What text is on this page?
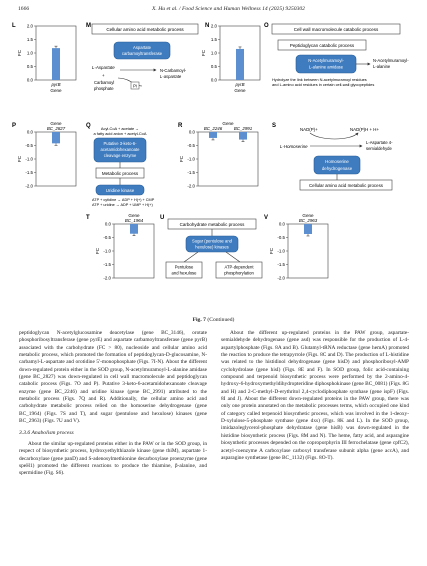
1666	X. Hu et al. / Food Science and Human Wellness 14 (2025) 9250302
L	2.0
1.5
1.0
0.5
0.0
FC
pyrB
Gene
M
Cellular amino acid metabolic process
Aspartate
carbamoyltransferase
L-Aspartate
+
Carbamoyl
phosphate	Pi
N-Carbamoyl-
L-aspartate
N 2.0
1.5
1.0
0.5
0.0
FC
pyrB
Gene
O
Cell wall macromolecule catabolic process
Peptidoglycan catabolic process
N-Acetylmuramoyl-
L-alanine amidase
N-Acetylmuramoyl-
L-alanine
Hydrolyze the link between N-acetylmuramoyl residues
and L-amino acid residues in certain cell-wall glycopeptides
P
0.0
-0.5
-1.0
-1.5
-2.0
FC
BC_2827
Gene	Q	Acyl-CoA + acetate →
a fatty acid anion + acetyl-CoA
Putative 3-keto-6-
acetamidohexanoate
cleavage enzyme
Metabolic process
Uridine kinase
ATP + cytidine → ADP + H(+) + CMP
ATP + uridine → ADP + UMP + H(+)
R
0.0
-0.5
-1.0
-1.5
-2.0
FC
BC_2246	BC_2991
Gene	S
NAD(P)+	NAD(P)H + H+
L-Homoserine
L-Aspartate 4-
semialdehyde
Homoserine
dehydrogenase
Cellular amino acid metabolic process
T
0.0
-0.5
-1.0
-1.5
-2.0
FC
BC_1964
Gene	U
Carbohydrate metabolic process
Sugar (pentulose and
hexulose) kinases
Pentulose
and hexulose
ATP-dependent
phosphorylation
V
0.0
-0.5
-1.0
-1.5
-2.0
FC
BC_2963
Gene
Fig. 7 (Continued)

peptidoglycan N-acetylglucosamine deacetylase (gene BC_3146), orotate phosphoribosyltransferase (gene pyrE) and aspartate carbamoyltransferase (gene pyrB) associated with the carbohydrate (FC > 80), nucleoside and cellular amino acid metabolic process, which promoted the formation of peptidoglycan-D-glucosamine, N-carbamyl-L-aspartate and orotidine 5'-monophosphate (Figs. 7I-N). About the different down-regulated protein either in the SOD group, N-acetylmuramoyl-L-alanine amidase (gene BC_2827) was down-regulated in cell wall macromolecule and peptidoglycan catabolic process (Figs. 7O and P). Putative 3-keto-6-acetamidohexanoate cleavage enzyme (gene BC_2246) and uridine kinase (gene BC_2991) attributed to the metabolic process (Figs. 7Q and R). Additionally, the cellular amino acid and carbohydrate metabolic process relied on the homoserine dehydrogenase (gene BC_1964) (Figs. 7S and T), and sugar (pentulose and hexulose) kinases (gene BC_2963) (Figs. 7U and V).

3.3.6 Anabolism process

About the similar up-regulated proteins either in the PAW or in the SOD group, in respect of biosynthetic process, hydroxyethylthiazole kinase (gene thiM), aspartate 1-decarboxylase (gene panD) and S-adenosylmethionine decarboxylase proenzyme (gene speH1) promoted the different reactions to produce the thiamine, β-alanine, and spermidine (Fig. S6).

About the different up-regulated proteins in the PAW group, aspartate-semialdehyde dehydrogenase (gene asd) was responsible for the production of L-4-aspartylphosphate (Figs. 8A and B). Glutamyl-tRNA reductase (gene hemA) promoted the reaction to produce the tetrapyrrole (Figs. 8C and D). The production of L-histidine was related to the histidinol dehydrogenase (gene hisD) and phosphoribosyl-AMP cyclohydrolase (gene hisI) (Figs. 8E and F). In SOD group, folic acid-containing compound and terpenoid biosynthetic process were performed by the 2-amino-4-hydroxy-6-hydroxymethyldihydropteridine diphosphokinase (gene BC_0081) (Figs. 8G and H) and 2-C-methyl-D-erythritol 2,4-cyclodiphosphate synthase (gene ispF) (Figs. 8I and J). About the different down-regulated proteins in the PAW group, there was only one protein annotated on the metabolic processes terms, which occupied one kind of category called terpenoid biosynthetic process, which was involved in the 1-deoxy-D-xylulose-5-phosphate synthase (gene dxs) (Figs. 8K and L). In the SOD group, imidazoleglycerol-phosphate dehydratase (gene hisB) was down-regulated in the histidine biosynthetic process (Figs. 8M and N). The heme, fatty acid, and asparagine biosynthetic processes depended on the coproporphyrin III ferrochelatase (gene cpfC2), acetyl-coenzyme A carboxylase carboxyl transferase subunit alpha (gene accA), and asparagine synthetase (gene BC_1132) (Figs. 8O-T).
